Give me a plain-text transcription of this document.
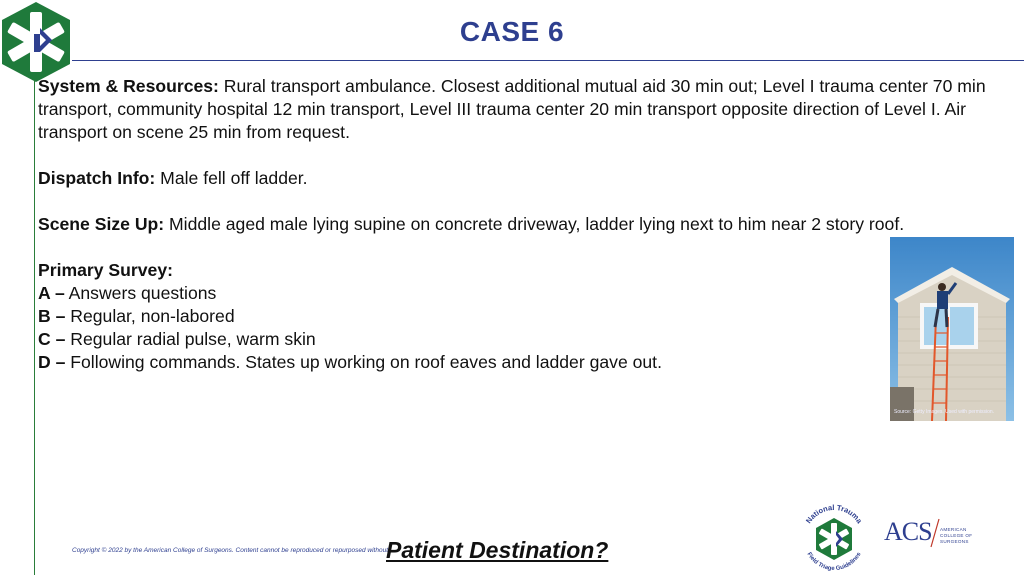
CASE 6

System & Resources: Rural transport ambulance. Closest additional mutual aid 30 min out; Level I trauma center 70 min transport, community hospital 12 min transport, Level III trauma center 20 min transport opposite direction of Level I. Air transport on scene 25 min from request.

Dispatch Info: Male fell off ladder.

Scene Size Up: Middle aged male lying supine on concrete driveway, ladder lying next to him near 2 story roof.

Primary Survey:
A – Answers questions
B – Regular, non-labored
C – Regular radial pulse, warm skin
D – Following commands. States up working on roof eaves and ladder gave out.

Source: Getty Images. Used with permission.
Copyright © 2022 by the American College of Surgeons. Content cannot be reproduced or repurposed without
Patient Destination?
National Trauma
Field Triage Guidelines
ACS AMERICAN COLLEGE OF SURGEONS
